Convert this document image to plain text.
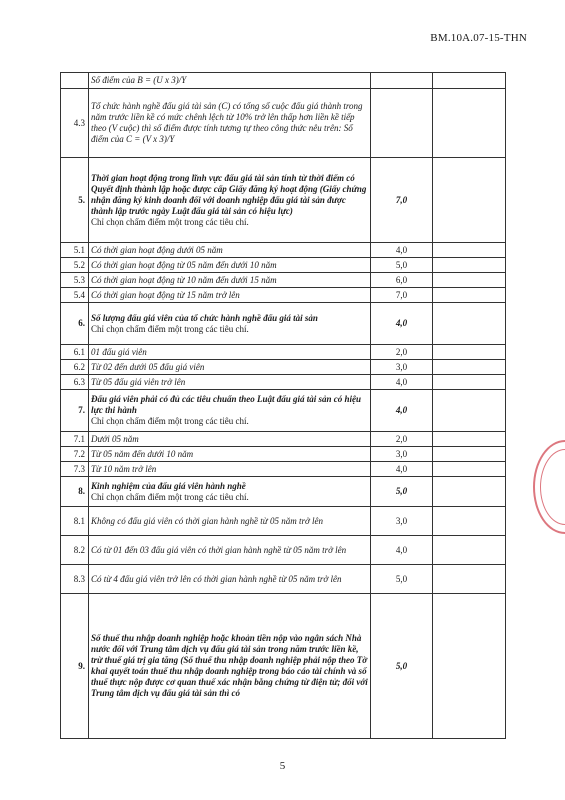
BM.10A.07-15-THN
	Số điểm của B = (U x 3)/Y		
4.3	Tổ chức hành nghề đấu giá tài sản (C) có tổng số cuộc đấu giá thành trong năm trước liền kề có mức chênh lệch từ 10% trở lên thấp hơn liền kề tiếp theo (V cuộc) thì số điểm được tính tương tự theo công thức nêu trên: Số điểm của C = (V x 3)/Y		
5.	Thời gian hoạt động trong lĩnh vực đấu giá tài sản tính từ thời điểm có Quyết định thành lập hoặc được cấp Giấy đăng ký hoạt động (Giấy chứng nhận đăng ký kinh doanh đối với doanh nghiệp đấu giá tài sản được thành lập trước ngày Luật đấu giá tài sản có hiệu lực)
Chỉ chọn chấm điểm một trong các tiêu chí.	7,0	
5.1	Có thời gian hoạt động dưới 05 năm	4,0	
5.2	Có thời gian hoạt động từ 05 năm đến dưới 10 năm	5,0	
5.3	Có thời gian hoạt động từ 10 năm đến dưới 15 năm	6,0	
5.4	Có thời gian hoạt động từ 15 năm trở lên	7,0	
6.	Số lượng đấu giá viên của tổ chức hành nghề đấu giá tài sản
Chỉ chọn chấm điểm một trong các tiêu chí.	4,0	
6.1	01 đấu giá viên	2,0	
6.2	Từ 02 đến dưới 05 đấu giá viên	3,0	
6.3	Từ 05 đấu giá viên trở lên	4,0	
7.	Đấu giá viên phải có đủ các tiêu chuẩn theo Luật đấu giá tài sản có hiệu lực thi hành
Chỉ chọn chấm điểm một trong các tiêu chí.	4,0	
7.1	Dưới 05 năm	2,0	
7.2	Từ 05 năm đến dưới 10 năm	3,0	
7.3	Từ 10 năm trở lên	4,0	
8.	Kinh nghiệm của đấu giá viên hành nghề
Chỉ chọn chấm điểm một trong các tiêu chí.	5,0	
8.1	Không có đấu giá viên có thời gian hành nghề từ 05 năm trở lên	3,0	
8.2	Có từ 01 đến 03 đấu giá viên có thời gian hành nghề từ 05 năm trở lên	4,0	
8.3	Có từ 4 đấu giá viên trở lên có thời gian hành nghề từ 05 năm trở lên	5,0	
9.	Số thuế thu nhập doanh nghiệp hoặc khoản tiền nộp vào ngân sách Nhà nước đối với Trung tâm dịch vụ đấu giá tài sản trong năm trước liền kề, trừ thuế giá trị gia tăng (Số thuế thu nhập doanh nghiệp phải nộp theo Tờ khai quyết toán thuế thu nhập doanh nghiệp trong báo cáo tài chính và số thuế thực nộp được cơ quan thuế xác nhận bằng chứng từ điện tử; đối với Trung tâm dịch vụ đấu giá tài sản thì có	5,0	
5
